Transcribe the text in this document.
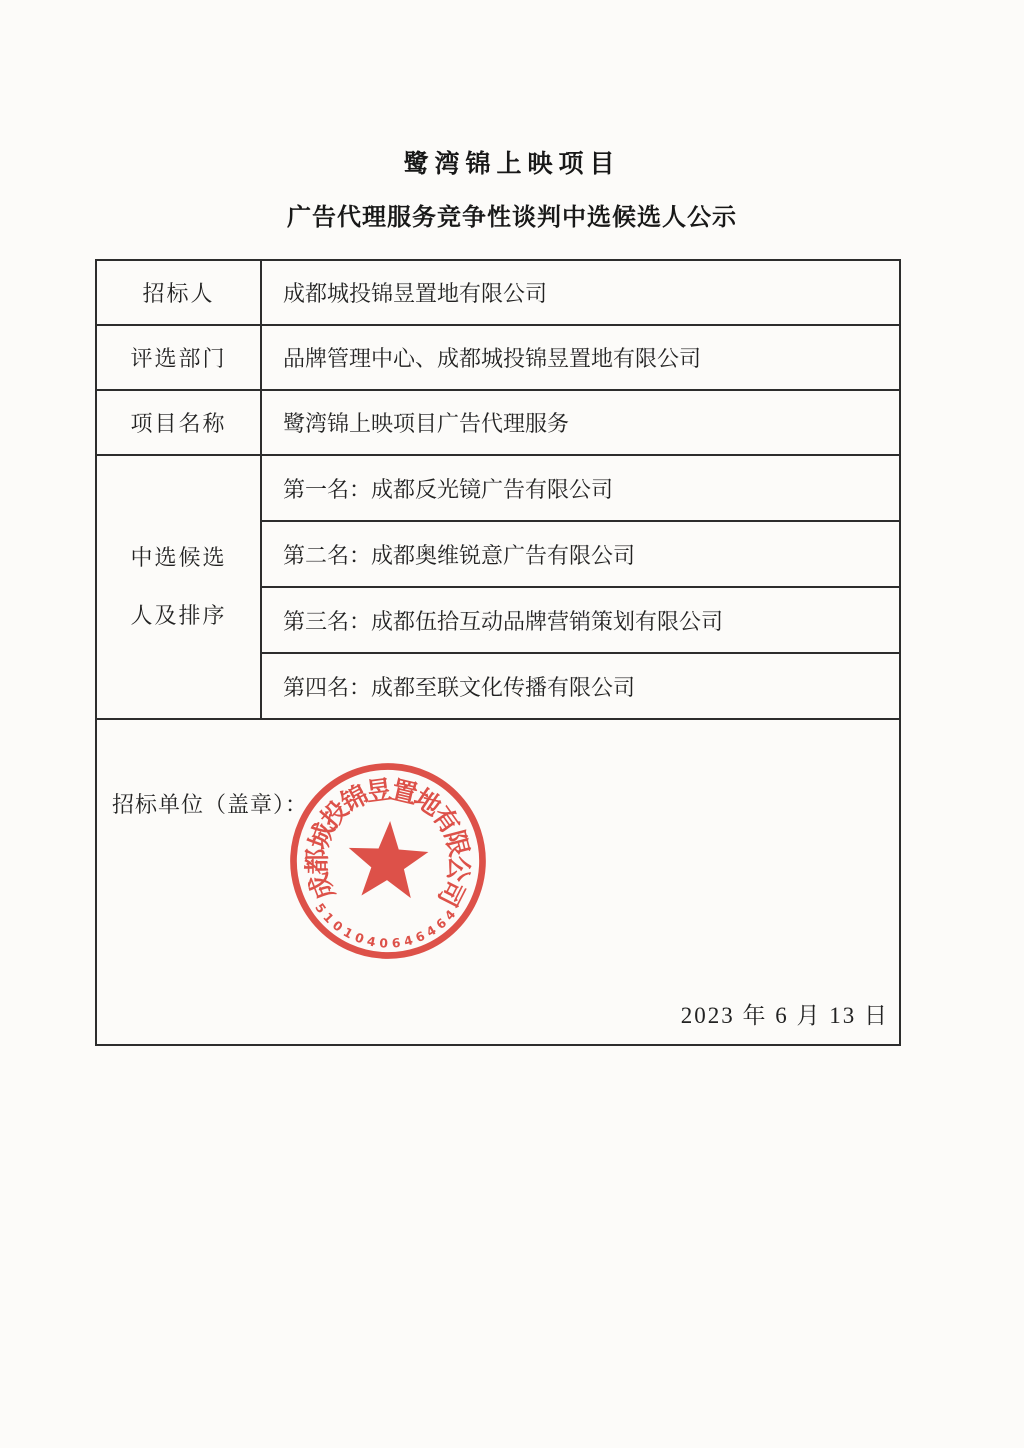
鹭湾锦上映项目
广告代理服务竞争性谈判中选候选人公示
招标人	成都城投锦昱置地有限公司
评选部门	品牌管理中心、成都城投锦昱置地有限公司
项目名称	鹭湾锦上映项目广告代理服务

中选候选
人及排序	第一名：成都反光镜广告有限公司
	第二名：成都奥维锐意广告有限公司
	第三名：成都伍拾互动品牌营销策划有限公司
	第四名：成都至联文化传播有限公司

招标单位（盖章）：
成
都
城
投
锦
昱
置
地
有
限
公
司
5
1
0
1
0 4 0 6 4
6
4
6
4
2023 年 6 月 13 日
